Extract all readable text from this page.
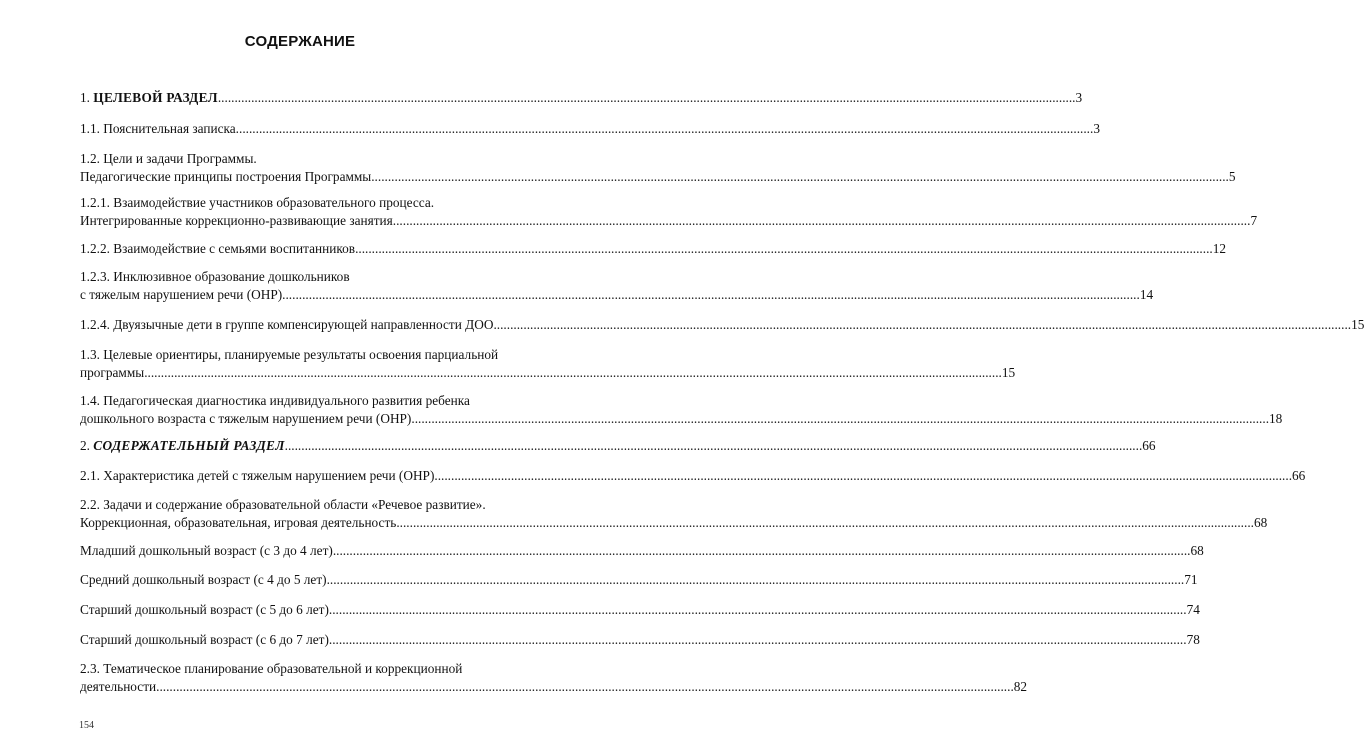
СОДЕРЖАНИЕ
1. ЦЕЛЕВОЙ РАЗДЕЛ .....	3
1.1. Пояснительная записка .....	3
1.2. Цели и задачи Программы.
Педагогические принципы построения Программы .....	5
1.2.1. Взаимодействие участников образовательного процесса.
Интегрированные коррекционно-развивающие занятия .....	7
1.2.2. Взаимодействие с семьями воспитанников .....	12
1.2.3. Инклюзивное образование дошкольников
с тяжелым нарушением речи (ОНР) .....	14
1.2.4. Двуязычные дети в группе компенсирующей направленности ДОО .....	15
1.3. Целевые ориентиры, планируемые результаты освоения парциальной
программы .....	15
1.4. Педагогическая диагностика индивидуального развития ребенка
дошкольного возраста с тяжелым нарушением речи (ОНР) .....	18
2. СОДЕРЖАТЕЛЬНЫЙ РАЗДЕЛ .....	66
2.1. Характеристика детей с тяжелым нарушением речи (ОНР) .....	66
2.2. Задачи и содержание образовательной области «Речевое развитие».
Коррекционная, образовательная, игровая деятельность .....	68
Младший дошкольный возраст (с 3 до 4 лет) .....	68
Средний дошкольный возраст (с 4 до 5 лет) .....	71
Старший дошкольный возраст (с 5 до 6 лет) .....	74
Старший дошкольный возраст (с 6 до 7 лет) .....	78
2.3. Тематическое планирование образовательной и коррекционной
деятельности .....	82
154
